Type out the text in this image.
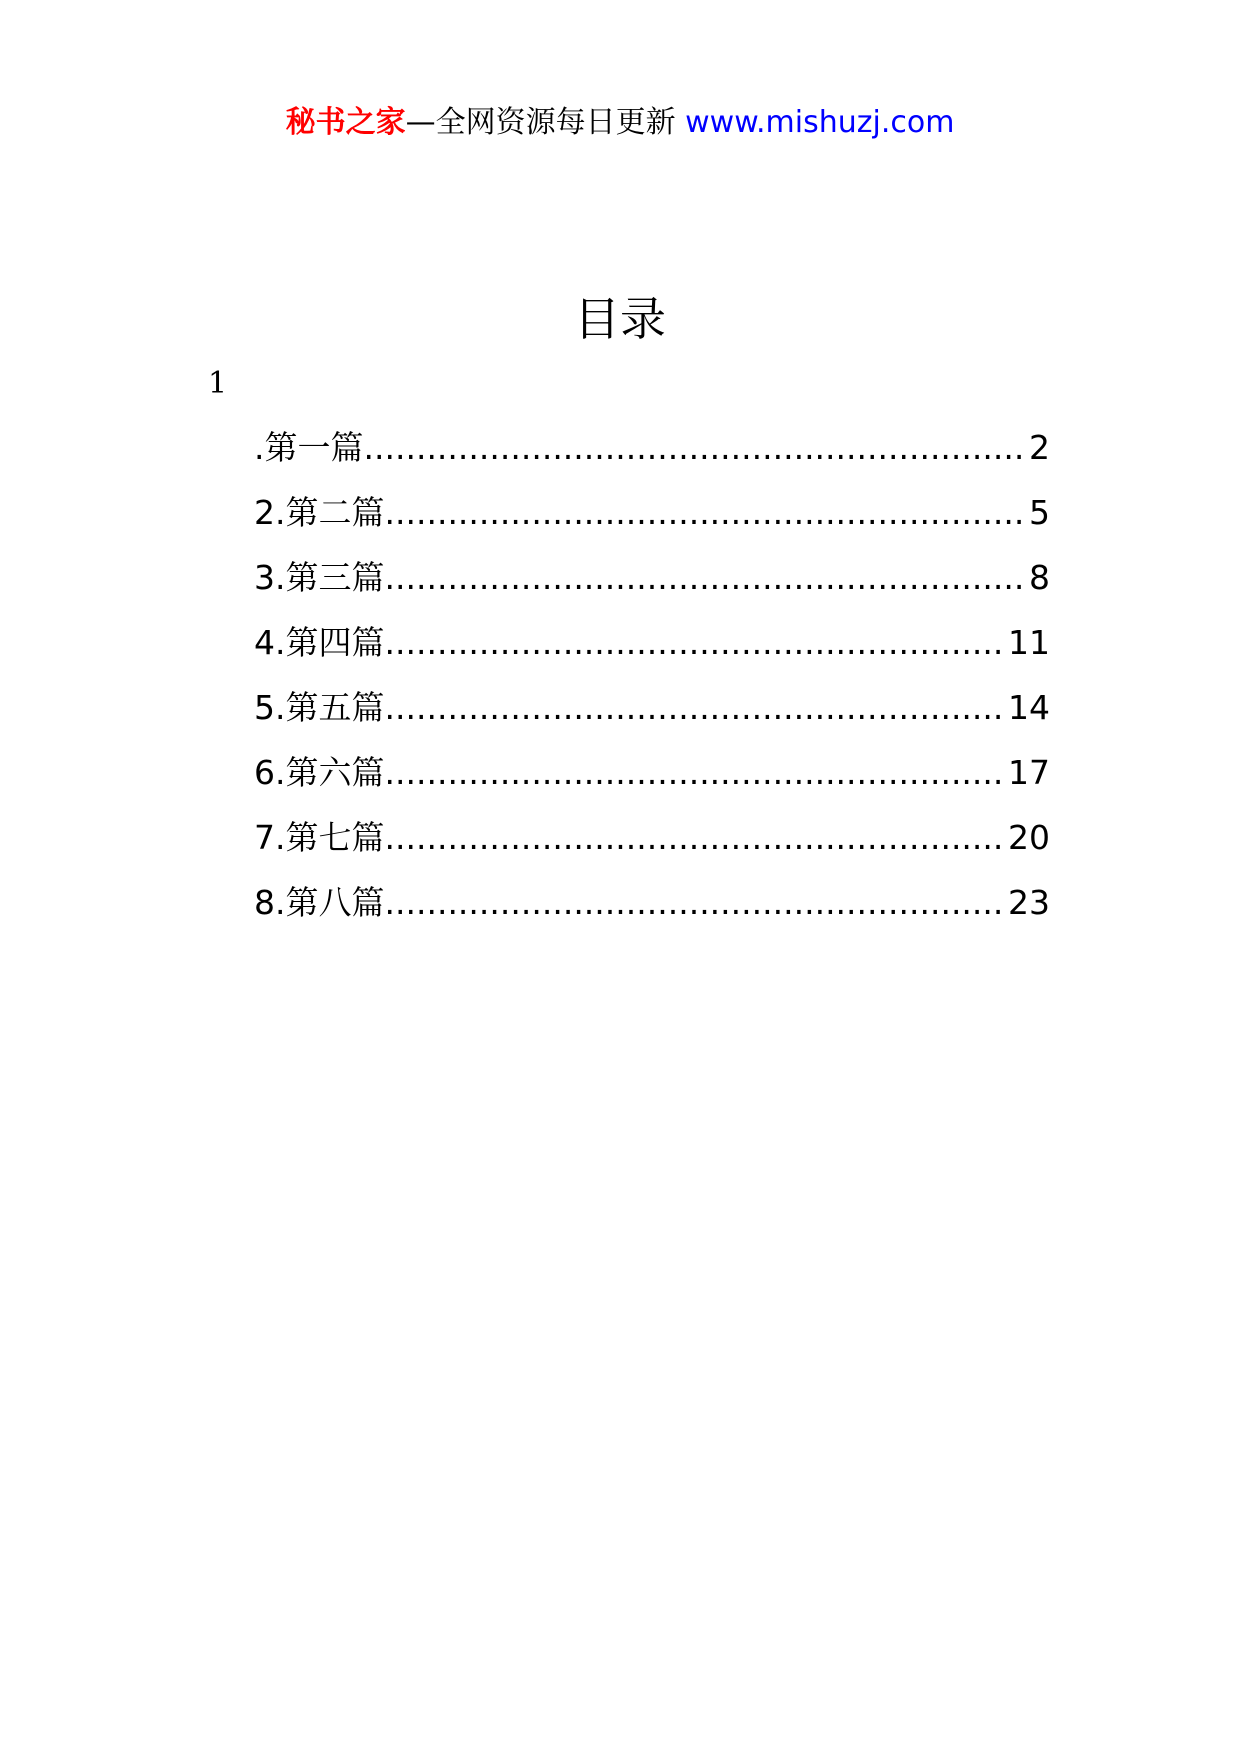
秘书之家—全网资源每日更新 www.mishuzj.com
目录
1
.第一篇 .....	2
2.第二篇 .....	5
3.第三篇 .....	8
4.第四篇 .....	11
5.第五篇 .....	14
6.第六篇 .....	17
7.第七篇 .....	20
8.第八篇 .....	23
